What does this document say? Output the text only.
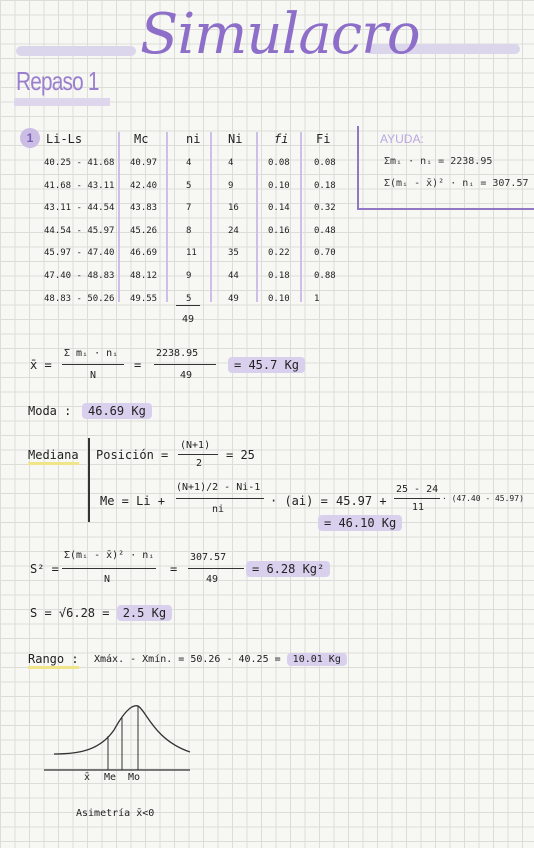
Simulacro
Repaso 1
1	Li-Ls	Mc	ni Ni	fi Fi
40.25 - 41.68 40.97	4	4	0.08	0.08
41.68 - 43.11 42.40	5	9	0.10	0.18
43.11 - 44.54 43.83	7	16	0.14	0.32
44.54 - 45.97 45.26	8	24	0.16	0.48
45.97 - 47.40 46.69	11	35	0.22	0.70
47.40 - 48.83 48.12	9	44	0.18	0.88
48.83 - 50.26 49.55	5	49	0.10	1
49
AYUDA:
Σmᵢ · nᵢ = 2238.95
Σ(mᵢ - x̄)² · nᵢ = 307.57
x̄ =
Σ mᵢ · nᵢ
N
=
2238.95
49
= 45.7 Kg
Moda :	46.69 Kg
Mediana Posición =
(N+1)
2
= 25
Me = Li +
(N+1)/2 - Ni-1
ni
· (ai) = 45.97 +
25 - 24
11
· (47.40 - 45.97)
= 46.10 Kg
S² =
Σ(mᵢ - x̄)² · nᵢ
N
=
307.57
49
= 6.28 Kg²
S = √6.28 = 2.5 Kg
Rango : Xmáx. - Xmín. = 50.26 - 40.25 = 10.01 Kg
x̄ Me Mo
Asimetría x̄<0
